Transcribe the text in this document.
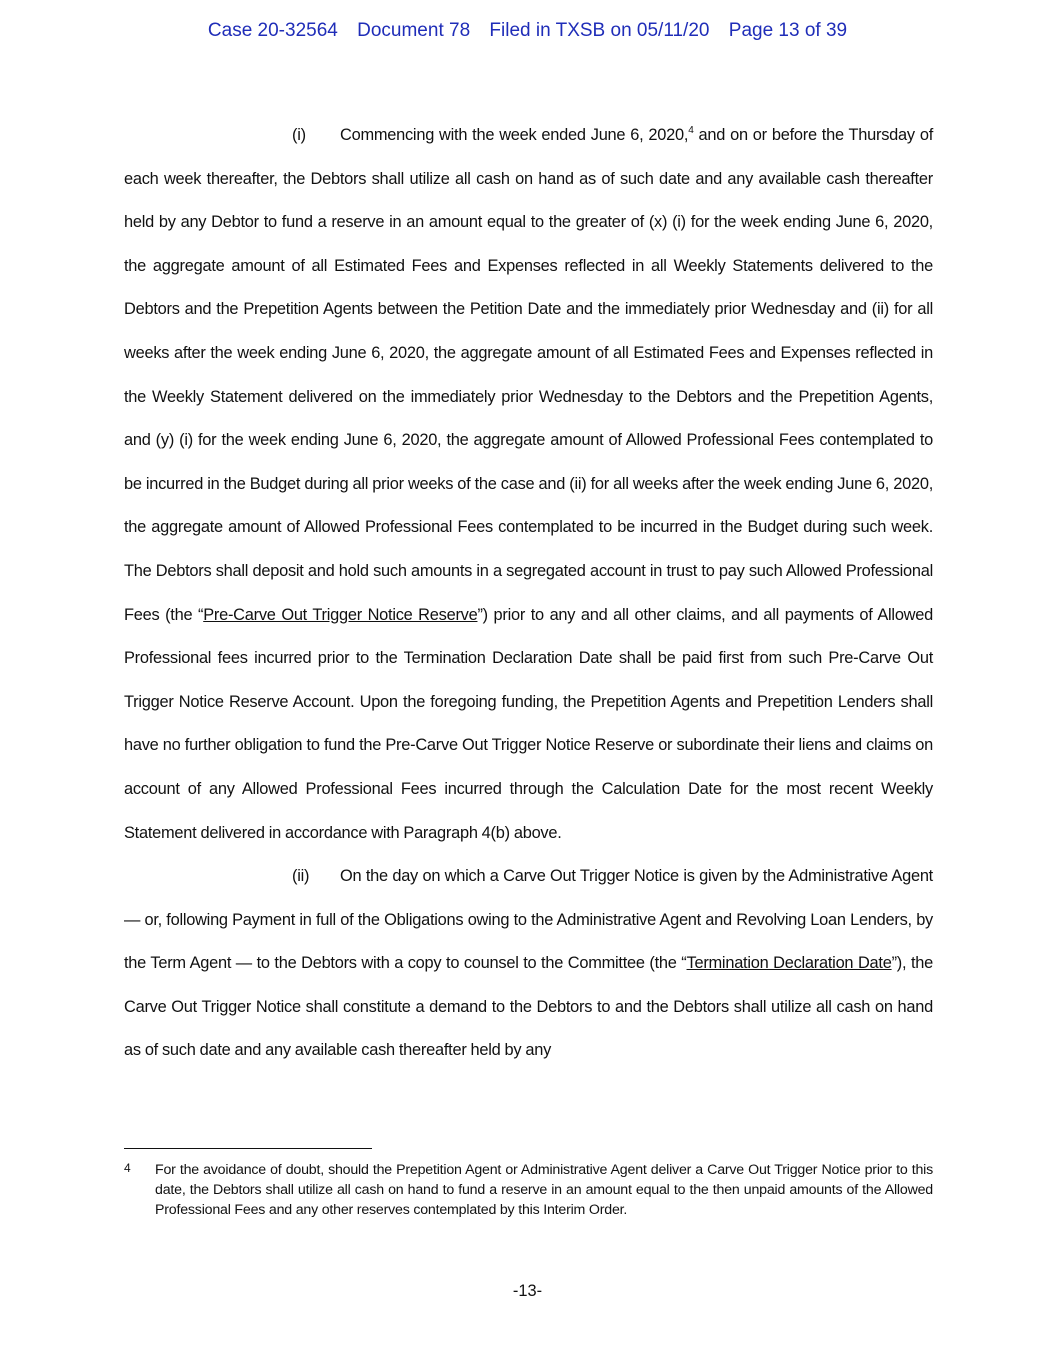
Case 20-32564 Document 78 Filed in TXSB on 05/11/20 Page 13 of 39

(i) Commencing with the week ended June 6, 2020,$^4$ and on or before the Thursday of each week thereafter, the Debtors shall utilize all cash on hand as of such date and any available cash thereafter held by any Debtor to fund a reserve in an amount equal to the greater of (x) (i) for the week ending June 6, 2020, the aggregate amount of all Estimated Fees and Expenses reflected in all Weekly Statements delivered to the Debtors and the Prepetition Agents between the Petition Date and the immediately prior Wednesday and (ii) for all weeks after the week ending June 6, 2020, the aggregate amount of all Estimated Fees and Expenses reflected in the Weekly Statement delivered on the immediately prior Wednesday to the Debtors and the Prepetition Agents, and (y) (i) for the week ending June 6, 2020, the aggregate amount of Allowed Professional Fees contemplated to be incurred in the Budget during all prior weeks of the case and (ii) for all weeks after the week ending June 6, 2020, the aggregate amount of Allowed Professional Fees contemplated to be incurred in the Budget during such week. The Debtors shall deposit and hold such amounts in a segregated account in trust to pay such Allowed Professional Fees (the “Pre-Carve Out Trigger Notice Reserve”) prior to any and all other claims, and all payments of Allowed Professional fees incurred prior to the Termination Declaration Date shall be paid first from such Pre-Carve Out Trigger Notice Reserve Account. Upon the foregoing funding, the Prepetition Agents and Prepetition Lenders shall have no further obligation to fund the Pre-Carve Out Trigger Notice Reserve or subordinate their liens and claims on account of any Allowed Professional Fees incurred through the Calculation Date for the most recent Weekly Statement delivered in accordance with Paragraph 4(b) above.

(ii) On the day on which a Carve Out Trigger Notice is given by the Administrative Agent — or, following Payment in full of the Obligations owing to the Administrative Agent and Revolving Loan Lenders, by the Term Agent — to the Debtors with a copy to counsel to the Committee (the “Termination Declaration Date”), the Carve Out Trigger Notice shall constitute a demand to the Debtors to and the Debtors shall utilize all cash on hand as of such date and any available cash thereafter held by any

4 For the avoidance of doubt, should the Prepetition Agent or Administrative Agent deliver a Carve Out Trigger Notice prior to this date, the Debtors shall utilize all cash on hand to fund a reserve in an amount equal to the then unpaid amounts of the Allowed Professional Fees and any other reserves contemplated by this Interim Order.
-13-
